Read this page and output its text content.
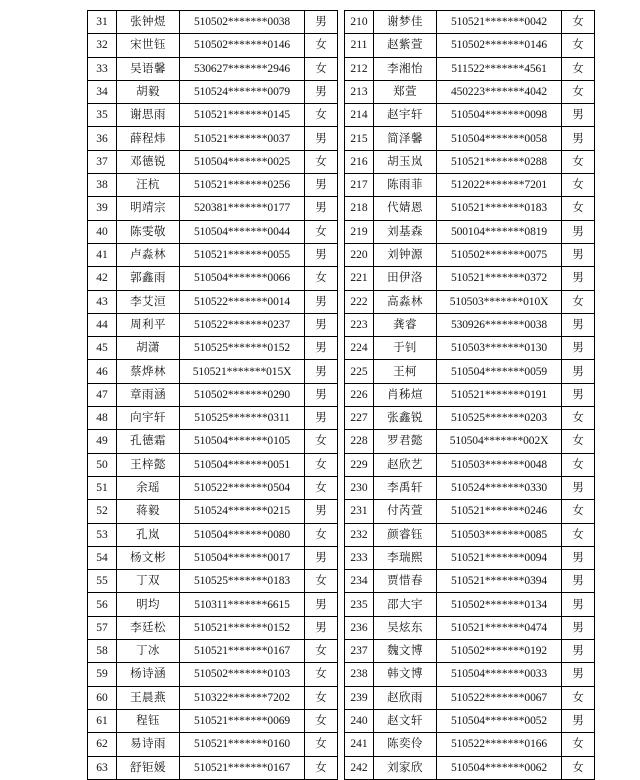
31	张钟煜	510502*******0038	男
32	宋世钰	510502*******0146	女
33	吴语馨	530627*******2946	女
34	胡毅	510524*******0079	男
35	谢思雨	510521*******0145	女
36	薛程炜	510521*******0037	男
37	邓德锐	510504*******0025	女
38	汪杭	510521*******0256	男
39	明靖宗	520381*******0177	男
40	陈雯敬	510504*******0044	女
41	卢淼林	510521*******0055	男
42	郭鑫雨	510504*******0066	女
43	李艾洹	510522*******0014	男
44	周利平	510522*******0237	男
45	胡潇	510525*******0152	男
46	蔡烨林	510521*******015X	男
47	章雨涵	510502*******0290	男
48	向宇轩	510525*******0311	男
49	孔德霜	510504*******0105	女
50	王梓懿	510504*******0051	女
51	余瑶	510522*******0504	女
52	蒋毅	510524*******0215	男
53	孔岚	510504*******0080	女
54	杨文彬	510504*******0017	男
55	丁双	510525*******0183	女
56	明均	510311*******6615	男
57	李廷松	510521*******0152	男
58	丁冰	510521*******0167	女
59	杨诗涵	510502*******0103	女
60	王晨燕	510322*******7202	女
61	程钰	510521*******0069	女
62	易诗雨	510521*******0160	女
63	舒钜媛	510521*******0167	女
210	谢梦佳	510521*******0042	女
211	赵紫萱	510502*******0146	女
212	李湘怡	511522*******4561	女
213	郑萱	450223*******4042	女
214	赵宇轩	510504*******0098	男
215	简泽馨	510504*******0058	男
216	胡玉岚	510521*******0288	女
217	陈雨菲	512022*******7201	女
218	代婧恩	510521*******0183	女
219	刘基森	500104*******0819	男
220	刘钟源	510502*******0075	男
221	田伊洛	510521*******0372	男
222	高淼林	510503*******010X	女
223	龚睿	530926*******0038	男
224	于钊	510503*******0130	男
225	王柯	510504*******0059	男
226	肖秭煊	510521*******0191	男
227	张鑫锐	510525*******0203	女
228	罗君懿	510504*******002X	女
229	赵欣艺	510503*******0048	女
230	李禹轩	510524*******0330	男
231	付芮萱	510521*******0246	女
232	颜睿钰	510503*******0085	女
233	李瑞熙	510521*******0094	男
234	贾惜春	510521*******0394	男
235	邵大宇	510502*******0134	男
236	吴炫东	510521*******0474	男
237	魏文博	510502*******0192	男
238	韩文博	510504*******0033	男
239	赵欣雨	510522*******0067	女
240	赵文轩	510504*******0052	男
241	陈奕伶	510522*******0166	女
242	刘家欣	510504*******0062	女
